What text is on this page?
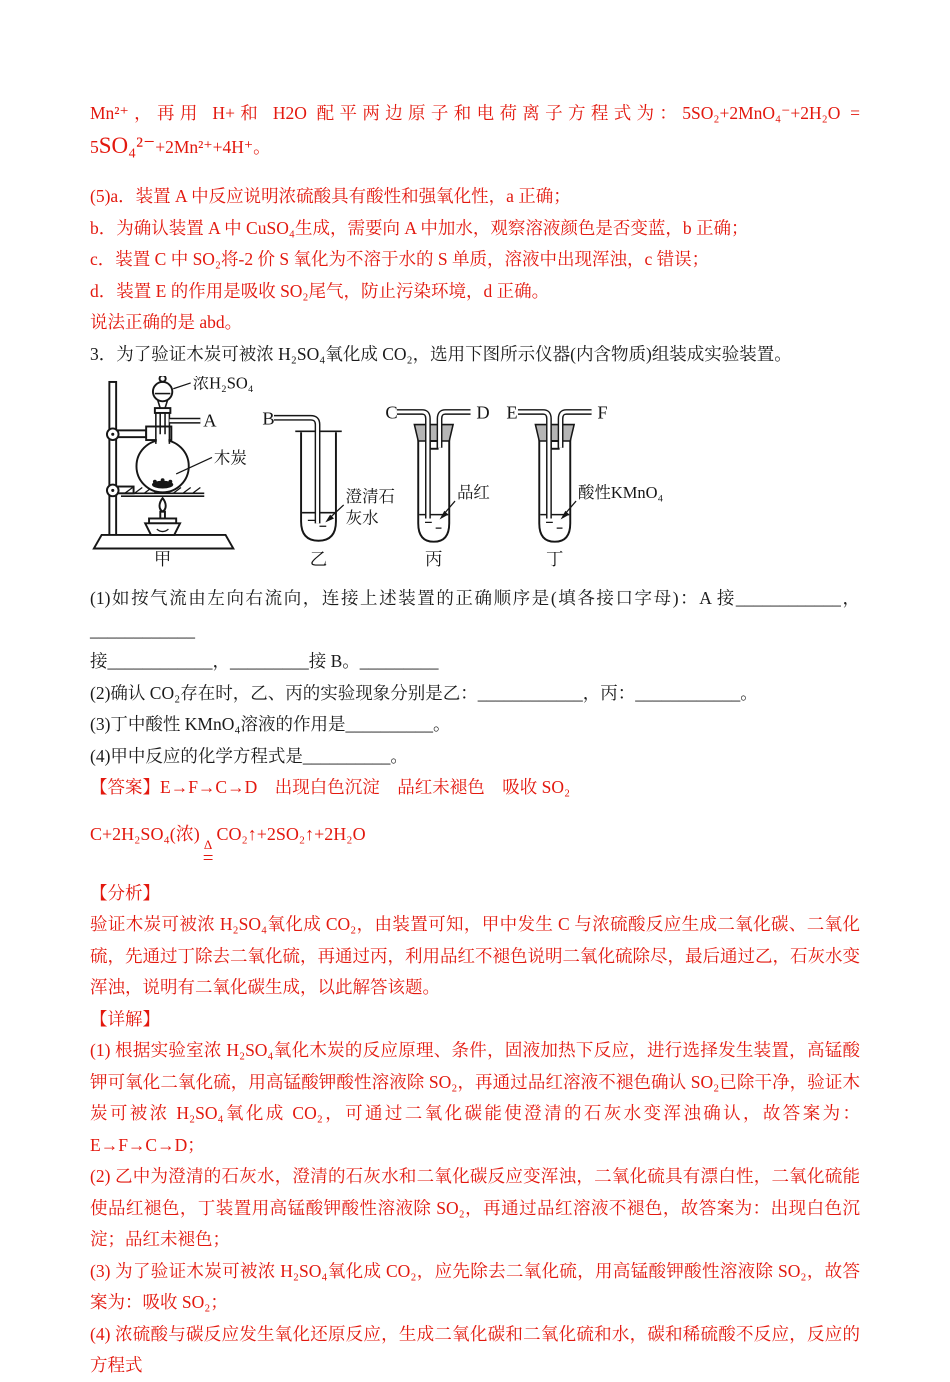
Mn²⁺，再用 H+和 H2O 配平两边原子和电荷离子方程式为：5SO₂+2MnO₄⁻+2H₂O = 5SO₄²⁻+2Mn²⁺+4H⁺。

(5)a．装置 A 中反应说明浓硫酸具有酸性和强氧化性，a 正确；

b．为确认装置 A 中 CuSO₄生成，需要向 A 中加水，观察溶液颜色是否变蓝，b 正确；

c．装置 C 中 SO₂将-2 价 S 氧化为不溶于水的 S 单质，溶液中出现浑浊，c 错误；

d．装置 E 的作用是吸收 SO₂尾气，防止污染环境，d 正确。

说法正确的是 abd。

3．为了验证木炭可被浓 H₂SO₄氧化成 CO₂，选用下图所示仪器(内含物质)组装成实验装置。

浓H₂SO₄
A
木炭
甲
B
澄清石
灰水
乙
C	D
品红
丙
E	F
酸性KMnO₄
丁

(1)如按气流由左向右流向，连接上述装置的正确顺序是(填各接口字母)：A 接____________，____________

接____________，_________接 B。_________

(2)确认 CO₂存在时，乙、丙的实验现象分别是乙：____________，丙：____________。

(3)丁中酸性 KMnO₄溶液的作用是__________。

(4)甲中反应的化学方程式是__________。

【答案】E→F→C→D    出现白色沉淀    品红未褪色    吸收 SO₂

C+2H₂SO₄(浓)
Δ
=
CO₂↑+2SO₂↑+2H₂O

【分析】

验证木炭可被浓 H₂SO₄氧化成 CO₂，由装置可知，甲中发生 C 与浓硫酸反应生成二氧化碳、二氧化硫，先通过丁除去二氧化硫，再通过丙，利用品红不褪色说明二氧化硫除尽，最后通过乙，石灰水变浑浊，说明有二氧化碳生成，以此解答该题。

【详解】

(1) 根据实验室浓 H₂SO₄氧化木炭的反应原理、条件，固液加热下反应，进行选择发生装置，高锰酸钾可氧化二氧化硫，用高锰酸钾酸性溶液除 SO₂，再通过品红溶液不褪色确认 SO₂已除干净，验证木炭可被浓 H₂SO₄氧化成 CO₂，可通过二氧化碳能使澄清的石灰水变浑浊确认，故答案为：E→F→C→D；

(2) 乙中为澄清的石灰水，澄清的石灰水和二氧化碳反应变浑浊，二氧化硫具有漂白性，二氧化硫能使品红褪色，丁装置用高锰酸钾酸性溶液除 SO₂，再通过品红溶液不褪色，故答案为：出现白色沉淀；品红未褪色；

(3) 为了验证木炭可被浓 H₂SO₄氧化成 CO₂，应先除去二氧化硫，用高锰酸钾酸性溶液除 SO₂，故答案为：吸收 SO₂；

(4) 浓硫酸与碳反应发生氧化还原反应，生成二氧化碳和二氧化硫和水，碳和稀硫酸不反应，反应的方程式
